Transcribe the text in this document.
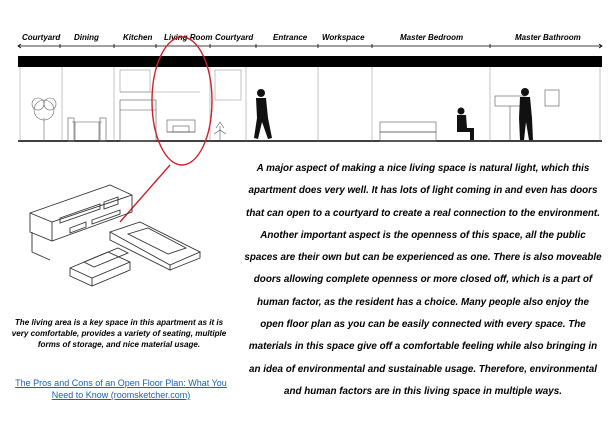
Courtyard Dining	Kitchen Living Room Courtyard Entrance Workspace	Master Bedroom	Master Bathroom
The living area is a key space in this apartment as it is very comfortable, provides a variety of seating, multiple forms of storage, and nice material usage.
The Pros and Cons of an Open Floor Plan: What You Need to Know (roomsketcher.com)
A major aspect of making a nice living space is natural light, which this apartment does very well. It has lots of light coming in and even has doors that can open to a courtyard to create a real connection to the environment. Another important aspect is the openness of this space, all the public spaces are their own but can be experienced as one. There is also moveable doors allowing complete openness or more closed off, which is a part of human factor, as the resident has a choice. Many people also enjoy the open floor plan as you can be easily connected with every space. The materials in this space give off a comfortable feeling while also bringing in an idea of environmental and sustainable usage. Therefore, environmental and human factors are in this living space in multiple ways.
